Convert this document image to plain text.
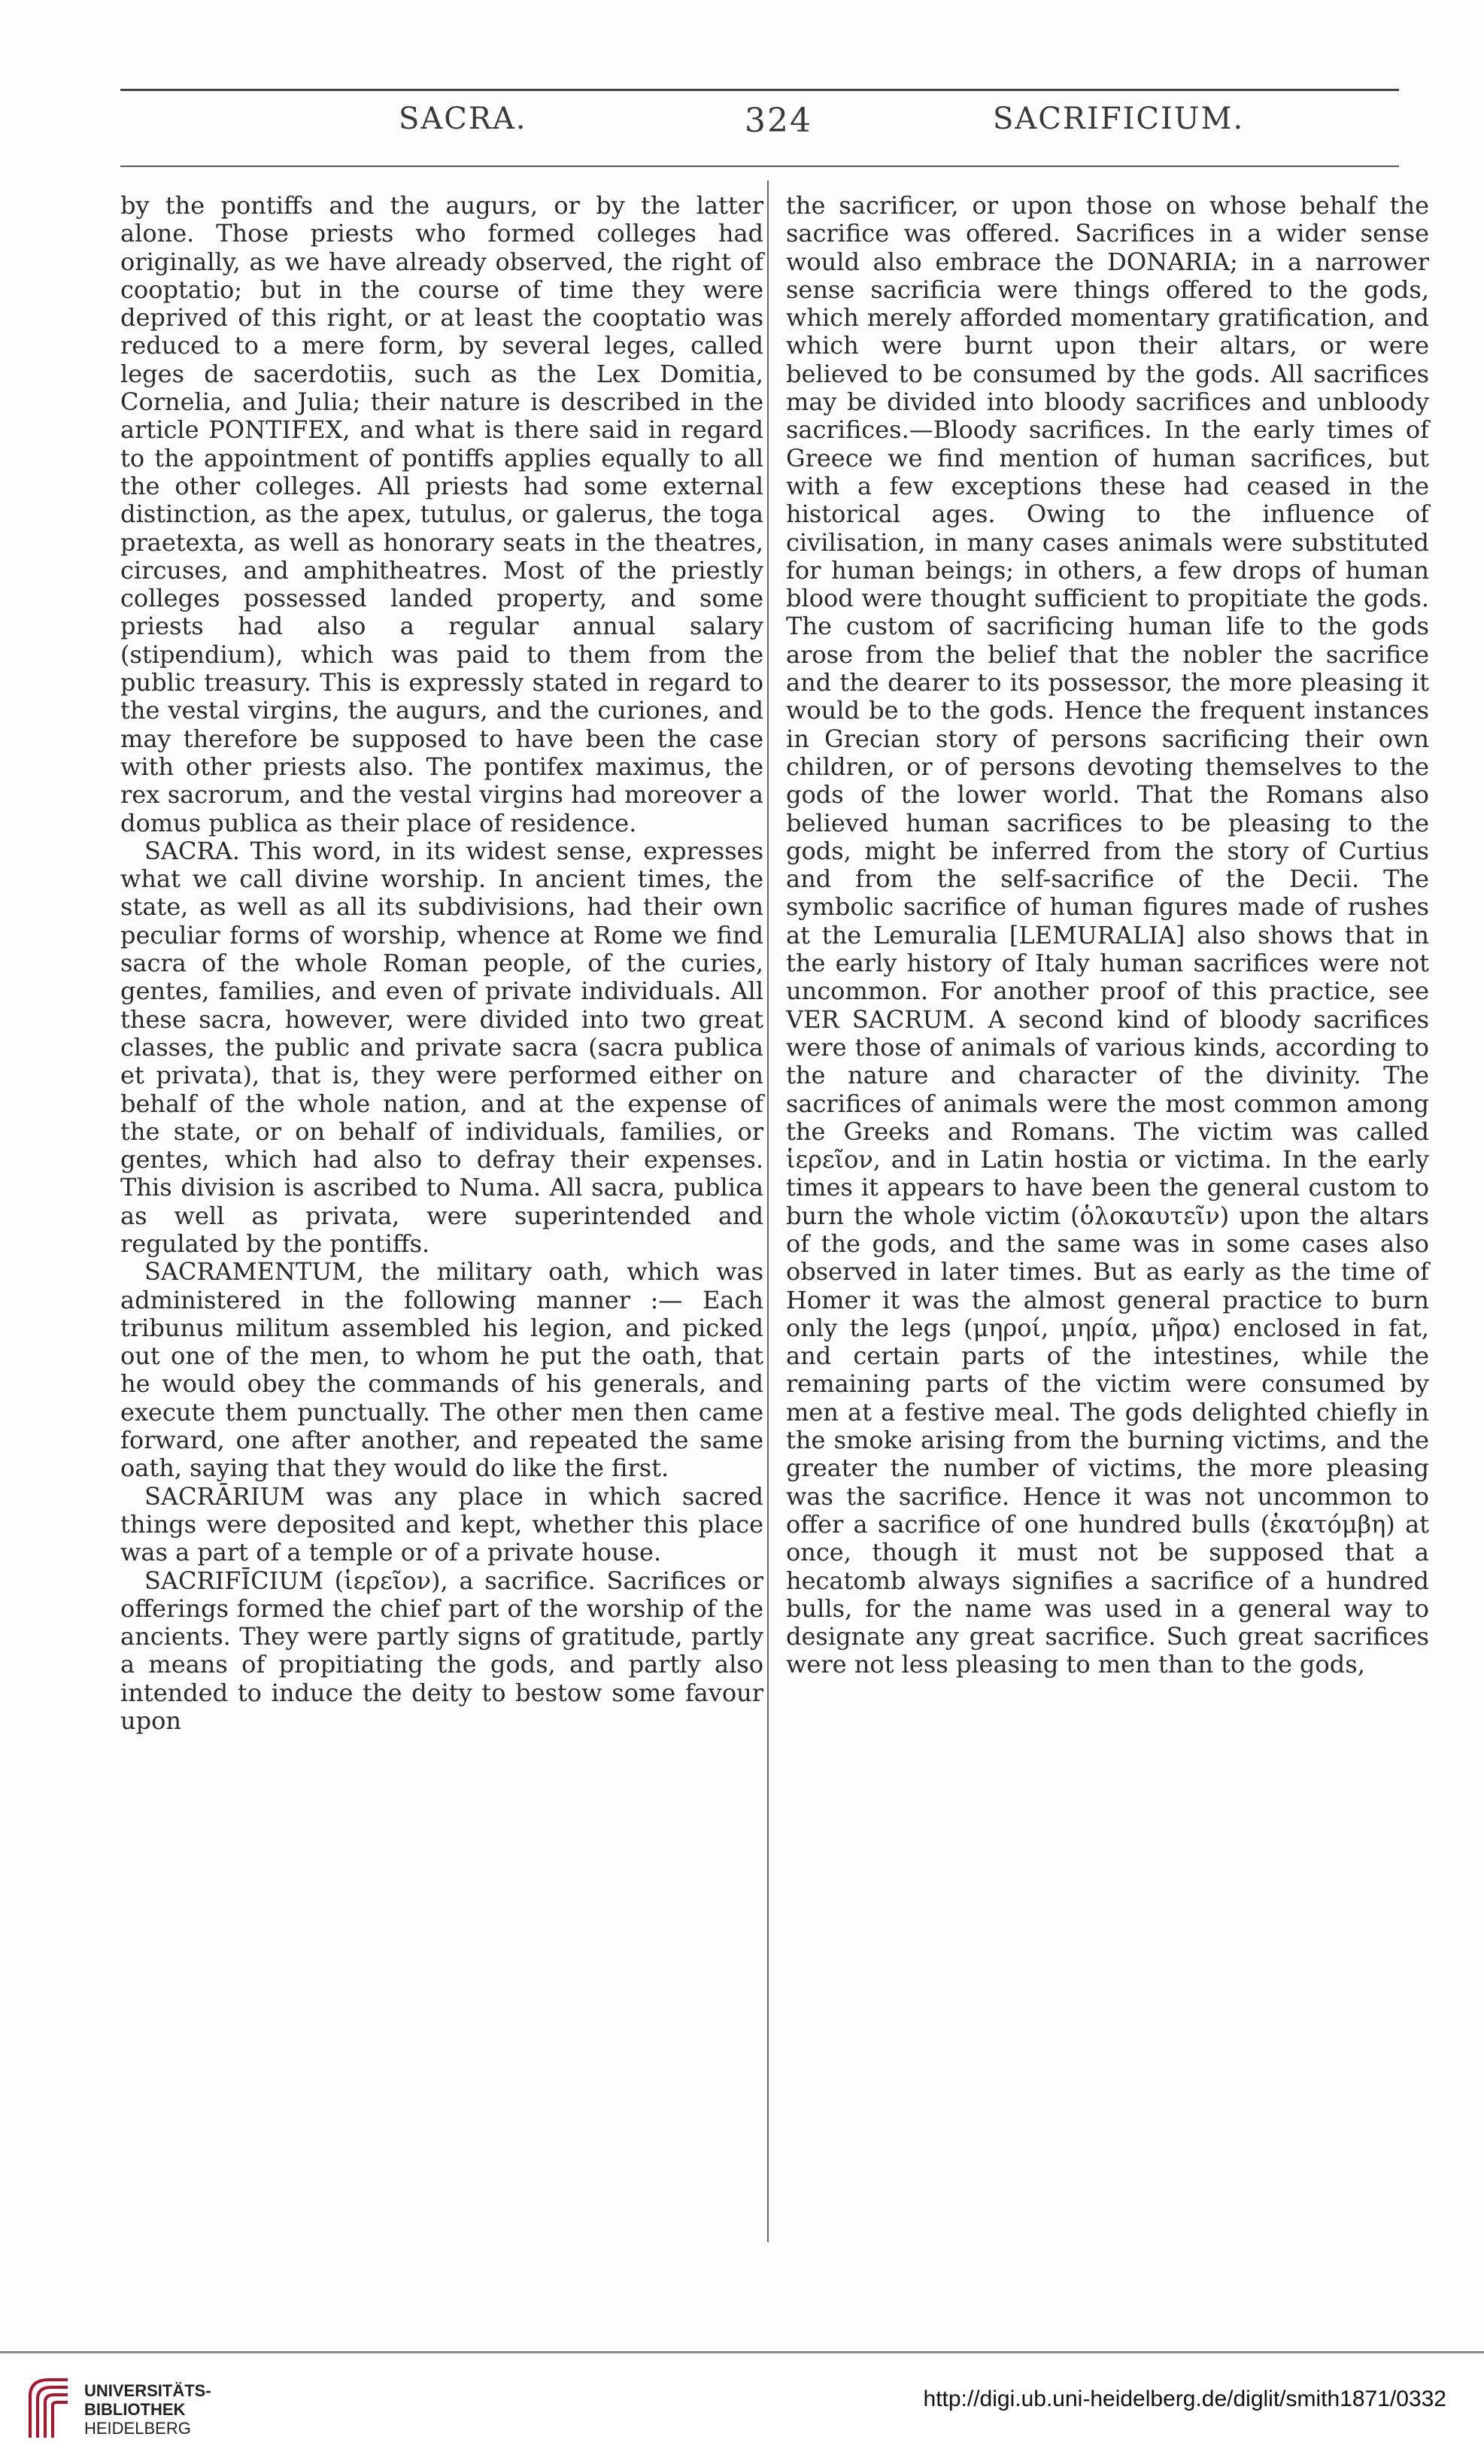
SACRA.	324	SACRIFICIUM.

by the pontiffs and the augurs, or by the latter alone. Those priests who formed colleges had originally, as we have already observed, the right of cooptatio; but in the course of time they were deprived of this right, or at least the cooptatio was reduced to a mere form, by several leges, called leges de sacerdotiis, such as the Lex Domitia, Cornelia, and Julia; their nature is described in the article PONTIFEX, and what is there said in regard to the appointment of pontiffs applies equally to all the other colleges. All priests had some external distinction, as the apex, tutulus, or galerus, the toga praetexta, as well as honorary seats in the theatres, circuses, and amphitheatres. Most of the priestly colleges possessed landed property, and some priests had also a regular annual salary (stipendium), which was paid to them from the public treasury. This is expressly stated in regard to the vestal virgins, the augurs, and the curiones, and may therefore be supposed to have been the case with other priests also. The pontifex maximus, the rex sacrorum, and the vestal virgins had moreover a domus publica as their place of residence.

SACRA. This word, in its widest sense, expresses what we call divine worship. In ancient times, the state, as well as all its subdivisions, had their own peculiar forms of worship, whence at Rome we find sacra of the whole Roman people, of the curies, gentes, families, and even of private individuals. All these sacra, however, were divided into two great classes, the public and private sacra (sacra publica et privata), that is, they were performed either on behalf of the whole nation, and at the expense of the state, or on behalf of individuals, families, or gentes, which had also to defray their expenses. This division is ascribed to Numa. All sacra, publica as well as privata, were superintended and regulated by the pontiffs.

SACRAMENTUM, the military oath, which was administered in the following manner :— Each tribunus militum assembled his legion, and picked out one of the men, to whom he put the oath, that he would obey the commands of his generals, and execute them punctually. The other men then came forward, one after another, and repeated the same oath, saying that they would do like the first.

SACRĀRIUM was any place in which sacred things were deposited and kept, whether this place was a part of a temple or of a private house.

SACRIFĪCIUM (ἱερεῖον), a sacrifice. Sacrifices or offerings formed the chief part of the worship of the ancients. They were partly signs of gratitude, partly a means of propitiating the gods, and partly also intended to induce the deity to bestow some favour upon

the sacrificer, or upon those on whose behalf the sacrifice was offered. Sacrifices in a wider sense would also embrace the DONARIA; in a narrower sense sacrificia were things offered to the gods, which merely afforded momentary gratification, and which were burnt upon their altars, or were believed to be consumed by the gods. All sacrifices may be divided into bloody sacrifices and unbloody sacrifices.—Bloody sacrifices. In the early times of Greece we find mention of human sacrifices, but with a few exceptions these had ceased in the historical ages. Owing to the influence of civilisation, in many cases animals were substituted for human beings; in others, a few drops of human blood were thought sufficient to propitiate the gods. The custom of sacrificing human life to the gods arose from the belief that the nobler the sacrifice and the dearer to its possessor, the more pleasing it would be to the gods. Hence the frequent instances in Grecian story of persons sacrificing their own children, or of persons devoting themselves to the gods of the lower world. That the Romans also believed human sacrifices to be pleasing to the gods, might be inferred from the story of Curtius and from the self-sacrifice of the Decii. The symbolic sacrifice of human figures made of rushes at the Lemuralia [LEMURALIA] also shows that in the early history of Italy human sacrifices were not uncommon. For another proof of this practice, see VER SACRUM. A second kind of bloody sacrifices were those of animals of various kinds, according to the nature and character of the divinity. The sacrifices of animals were the most common among the Greeks and Romans. The victim was called ἱερεῖον, and in Latin hostia or victima. In the early times it appears to have been the general custom to burn the whole victim (ὁλοκαυτεῖν) upon the altars of the gods, and the same was in some cases also observed in later times. But as early as the time of Homer it was the almost general practice to burn only the legs (μηροί, μηρία, μῆρα) enclosed in fat, and certain parts of the intestines, while the remaining parts of the victim were consumed by men at a festive meal. The gods delighted chiefly in the smoke arising from the burning victims, and the greater the number of victims, the more pleasing was the sacrifice. Hence it was not uncommon to offer a sacrifice of one hundred bulls (ἑκατόμβη) at once, though it must not be supposed that a hecatomb always signifies a sacrifice of a hundred bulls, for the name was used in a general way to designate any great sacrifice. Such great sacrifices were not less pleasing to men than to the gods,

UNIVERSITÄTS-
BIBLIOTHEK
HEIDELBERG
http://digi.ub.uni-heidelberg.de/diglit/smith1871/0332
